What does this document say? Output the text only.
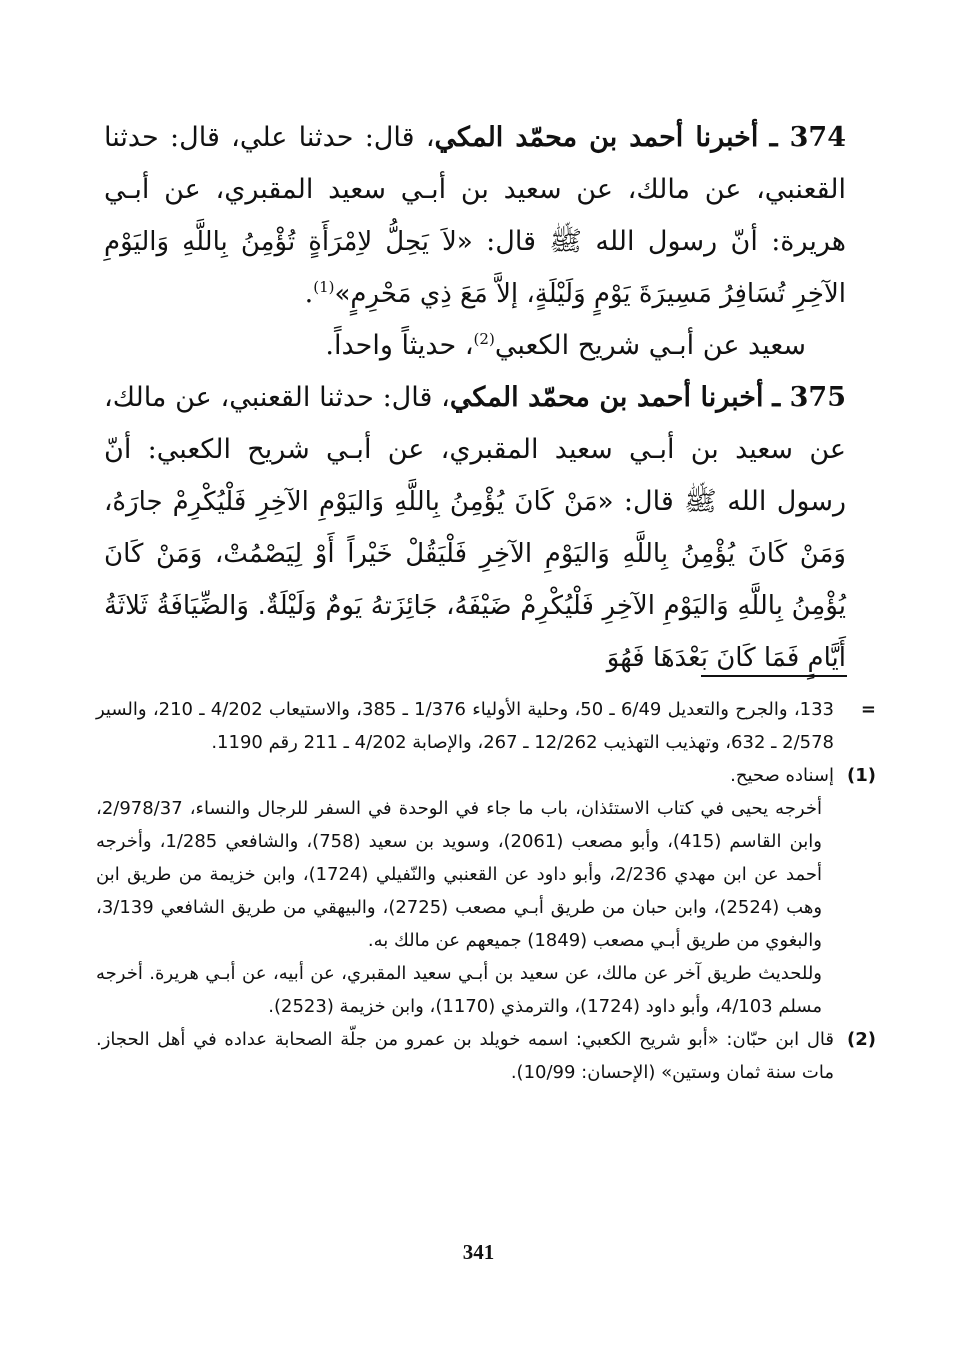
374 ـ أخبرنا أحمد بن محمّد المكي، قال: حدثنا علي، قال: حدثنا القعنبي، عن مالك، عن سعيد بن أبـي سعيد المقبري، عن أبـي هريرة: أنّ رسول الله ﷺ قال: «لاَ يَحِلُّ لاِمْرَأَةٍ تُؤْمِنُ بِاللَّهِ وَاليَوْمِ الآخِرِ تُسَافِرُ مَسِيرَةَ يَوْمٍ وَلَيْلَةٍ، إلاَّ مَعَ ذِي مَحْرِمٍ»$^{(1)}$.

سعيد عن أبـي شريح الكعبي$^{(2)}$، حديثاً واحداً.

375 ـ أخبرنا أحمد بن محمّد المكي، قال: حدثنا القعنبي، عن مالك، عن سعيد بن أبـي سعيد المقبري، عن أبـي شريح الكعبي: أنّ رسول الله ﷺ قال: «مَنْ كَانَ يُؤْمِنُ بِاللَّهِ وَاليَوْمِ الآخِرِ فَلْيُكْرِمْ جارَهُ، وَمَنْ كَانَ يُؤْمِنُ بِاللَّهِ وَاليَوْمِ الآخِرِ فَلْيَقُلْ خَيْراً أَوْ لِيَصْمُتْ، وَمَنْ كَانَ يُؤْمِنُ بِاللَّهِ وَاليَوْمِ الآخِرِ فَلْيُكْرِمْ ضَيْفَهُ، جَائِزَتهُ يَومٌ وَلَيْلَةٌ. وَالضِّيَافَةُ ثَلاثَةُ أَيَّامٍ فَمَا كَانَ بَعْدَهَا فَهُوَ

=

133، والجرح والتعديل 6/49 ـ 50، وحلية الأولياء 1/376 ـ 385، والاستيعاب 4/202 ـ 210، والسير 2/578 ـ 632، وتهذيب التهذيب 12/262 ـ 267، والإصابة 4/202 ـ 211 رقم 1190.

(1)

إسناده صحيح.

أخرجه يحيى في كتاب الاستئذان، باب ما جاء في الوحدة في السفر للرجال والنساء، 2/978/37، وابن القاسم (415)، وأبو مصعب (2061)، وسويد بن سعيد (758)، والشافعي 1/285، وأخرجه أحمد عن ابن مهدي 2/236، وأبو داود عن القعنبي والنّفيلي (1724)، وابن خزيمة من طريق ابن وهب (2524)، وابن حبان من طريق أبـي مصعب (2725)، والبيهقي من طريق الشافعي 3/139، والبغوي من طريق أبـي مصعب (1849) جميعهم عن مالك به.

وللحديث طريق آخر عن مالك، عن سعيد بن أبـي سعيد المقبري، عن أبيه، عن أبـي هريرة. أخرجه مسلم 4/103، وأبو داود (1724)، والترمذي (1170)، وابن خزيمة (2523).

(2)

قال ابن حبّان: «أبو شريح الكعبي: اسمه خويلد بن عمرو من جلّة الصحابة عداده في أهل الحجاز. مات سنة ثمان وستين» (الإحسان: 10/99).

341
